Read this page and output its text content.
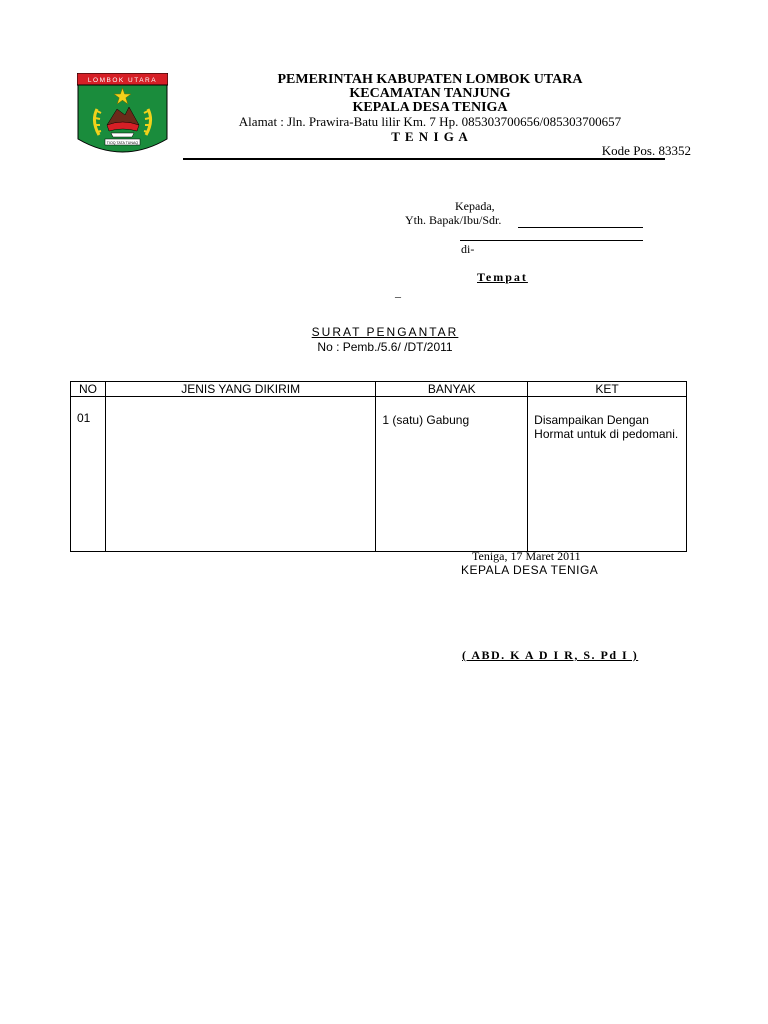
LOMBOK UTARA
TIOQ TATA TUNAQ
PEMERINTAH KABUPATEN LOMBOK UTARA
KECAMATAN TANJUNG
KEPALA DESA TENIGA
Alamat : Jln. Prawira-Batu lilir Km. 7 Hp. 085303700656/085303700657
T E N I G A
Kode Pos. 83352
Kepada,
Yth. Bapak/Ibu/Sdr.
di-
Tempat
–
SURAT PENGANTAR
No : Pemb./5.6/ /DT/2011
NO	JENIS YANG DIKIRIM	BANYAK	KET
01		1 (satu) Gabung	Disampaikan Dengan Hormat untuk di pedomani.
Teniga, 17 Maret 2011
KEPALA DESA TENIGA
( ABD. K A D I R, S. Pd I )
